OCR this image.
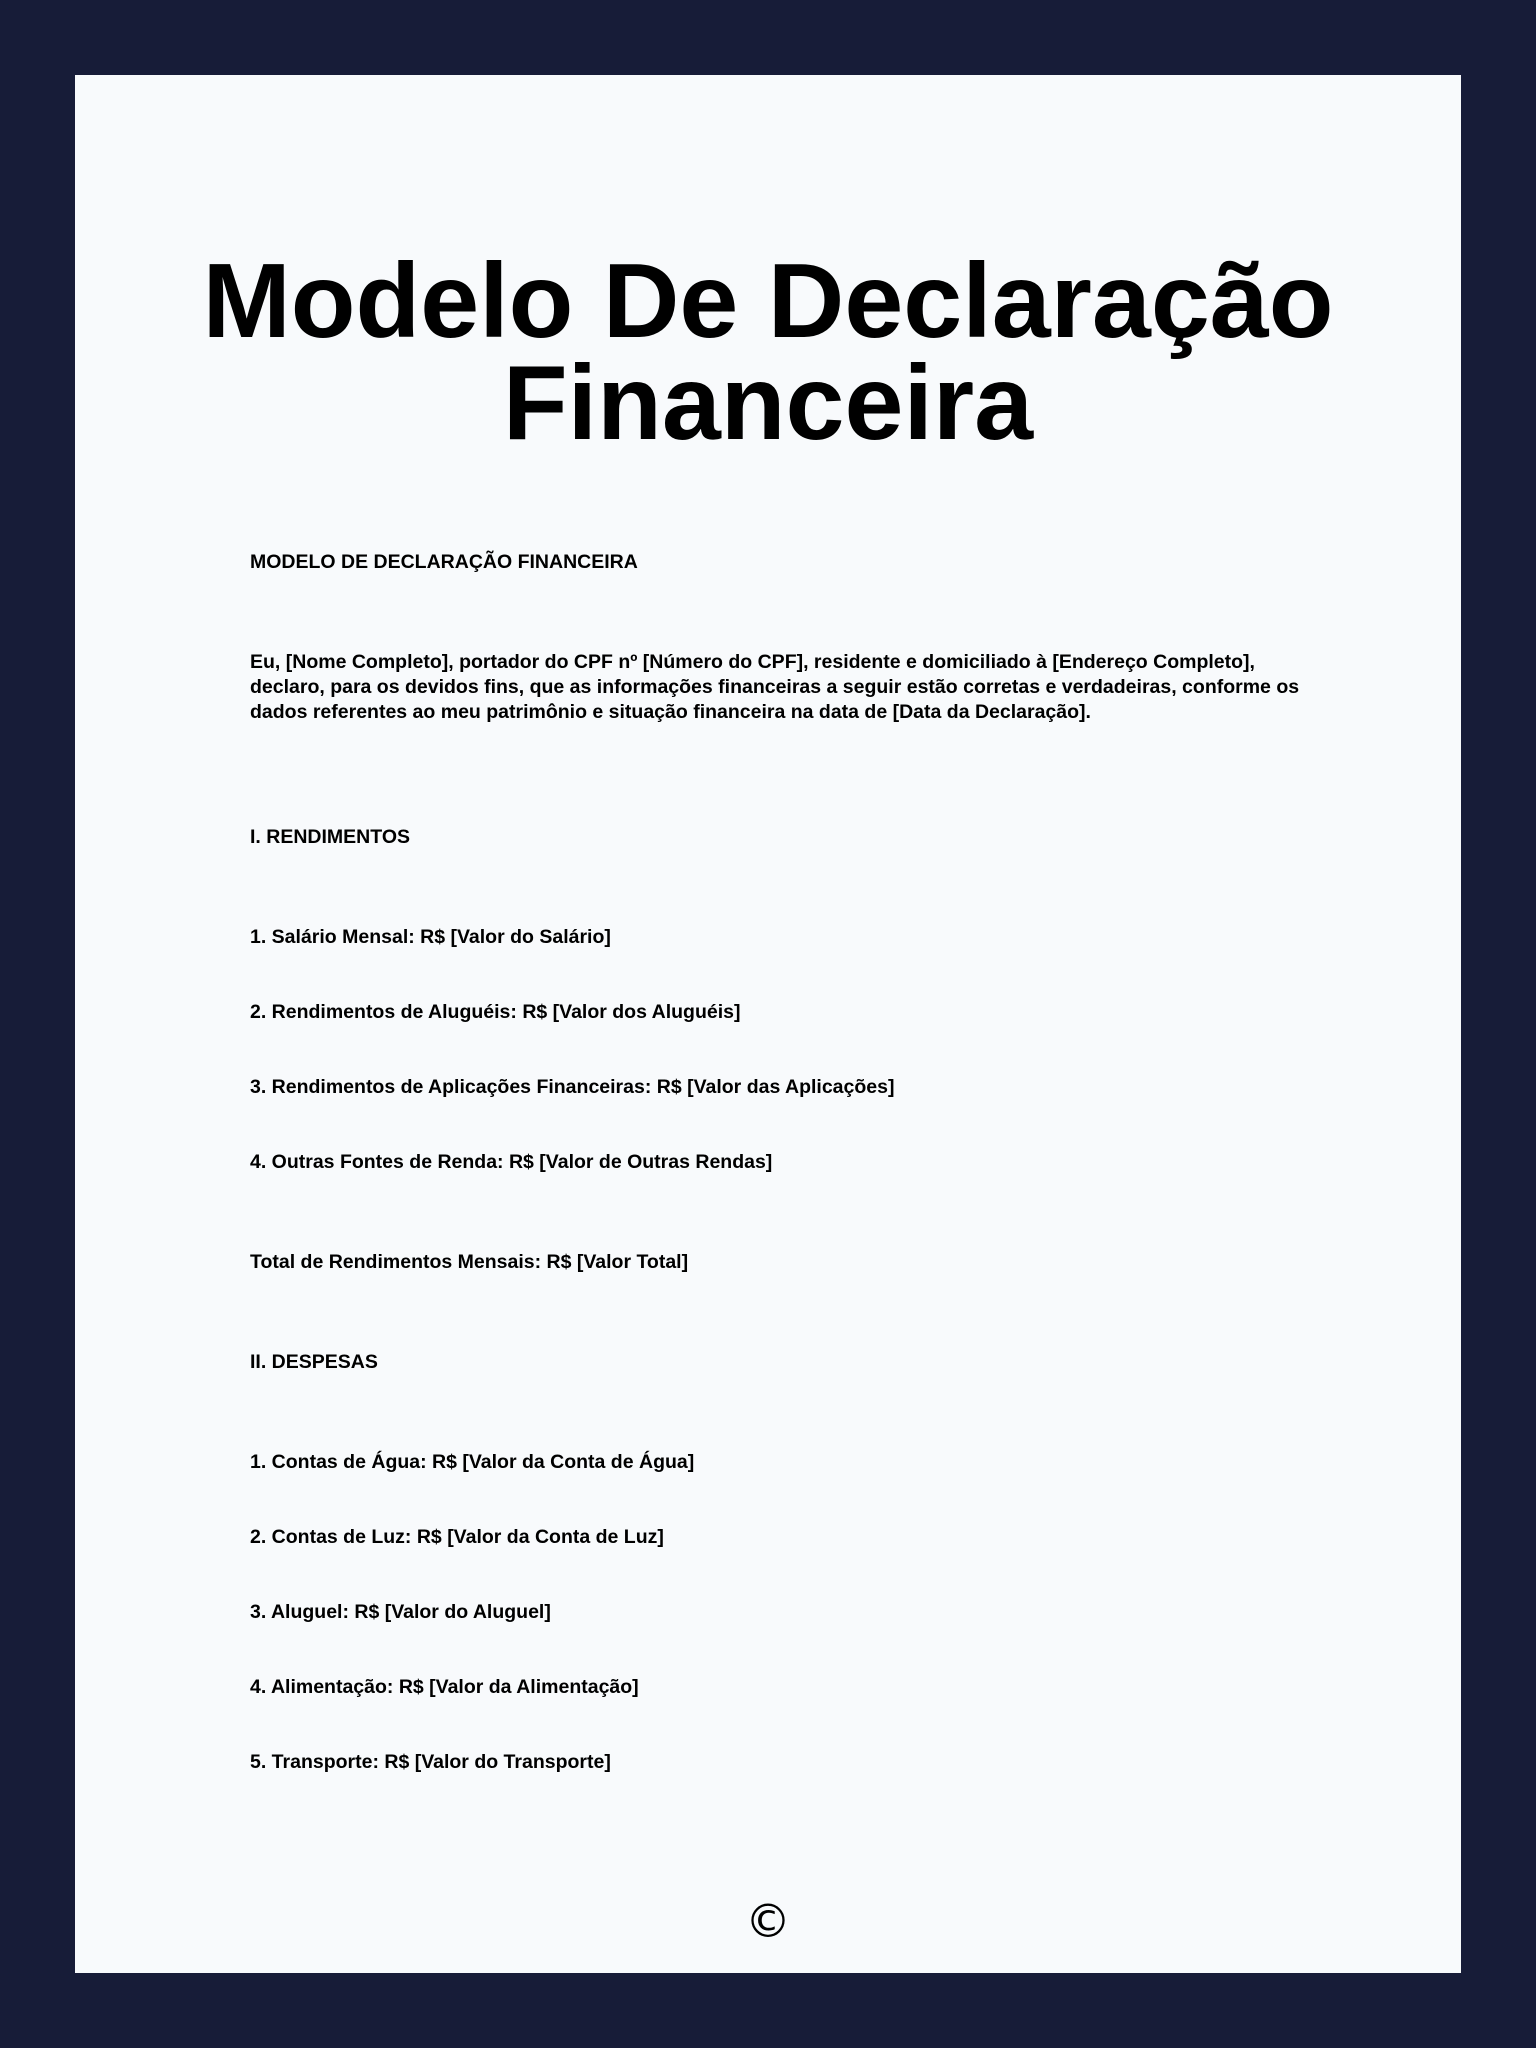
Modelo De Declaração Financeira

MODELO DE DECLARAÇÃO FINANCEIRA

Eu, [Nome Completo], portador do CPF nº [Número do CPF], residente e domiciliado à [Endereço Completo], declaro, para os devidos fins, que as informações financeiras a seguir estão corretas e verdadeiras, conforme os dados referentes ao meu patrimônio e situação financeira na data de [Data da Declaração].

I. RENDIMENTOS

1. Salário Mensal: R$ [Valor do Salário]

2. Rendimentos de Aluguéis: R$ [Valor dos Aluguéis]

3. Rendimentos de Aplicações Financeiras: R$ [Valor das Aplicações]

4. Outras Fontes de Renda: R$ [Valor de Outras Rendas]

Total de Rendimentos Mensais: R$ [Valor Total]

II. DESPESAS

1. Contas de Água: R$ [Valor da Conta de Água]

2. Contas de Luz: R$ [Valor da Conta de Luz]

3. Aluguel: R$ [Valor do Aluguel]

4. Alimentação: R$ [Valor da Alimentação]

5. Transporte: R$ [Valor do Transporte]

©
